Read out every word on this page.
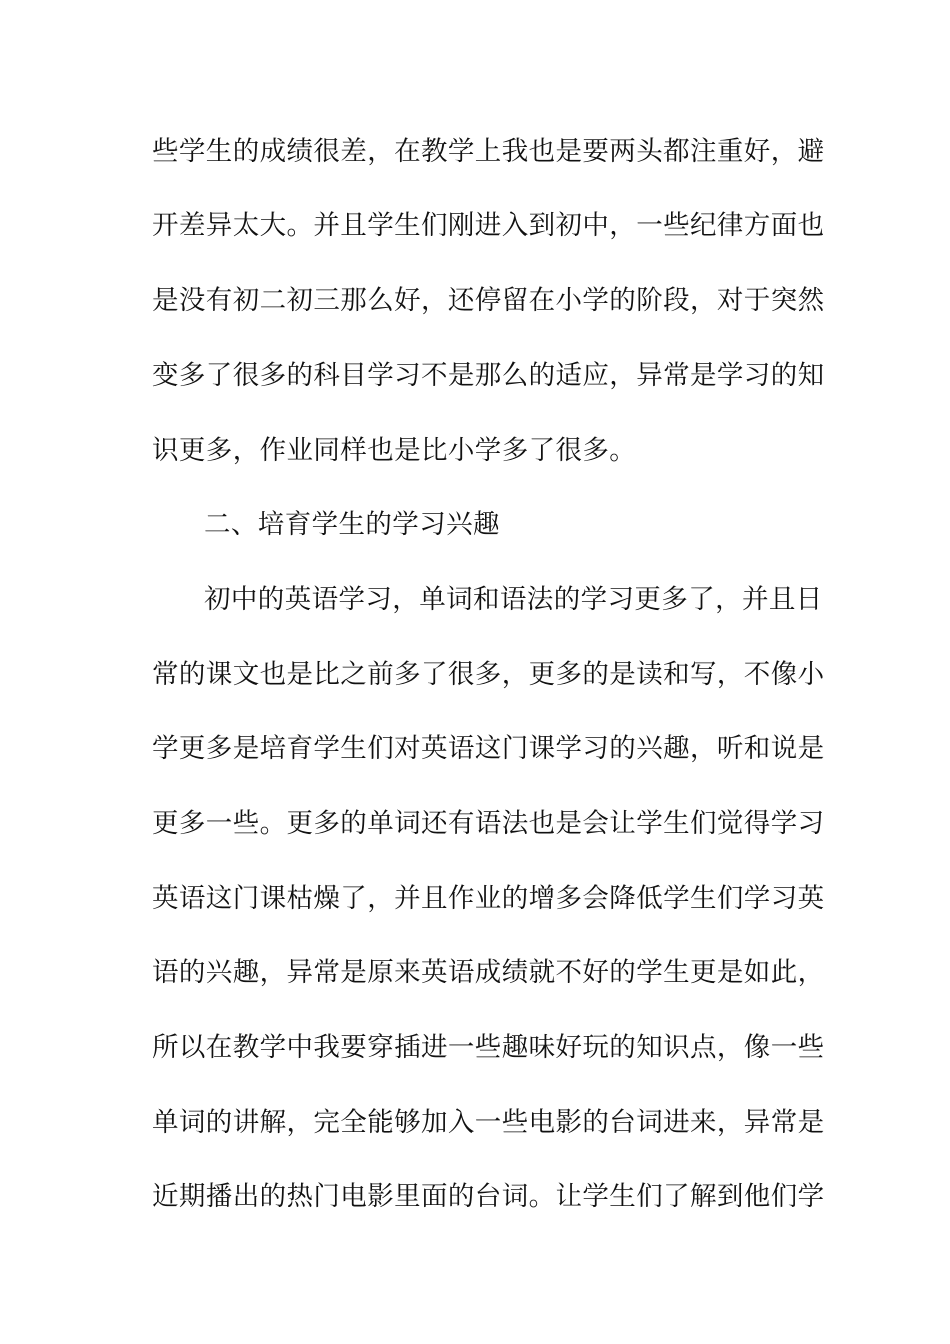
些学生的成绩很差，在教学上我也是要两头都注重好，避
开差异太大。并且学生们刚进入到初中，一些纪律方面也
是没有初二初三那么好，还停留在小学的阶段，对于突然
变多了很多的科目学习不是那么的适应，异常是学习的知
识更多，作业同样也是比小学多了很多。
二、培育学生的学习兴趣
初中的英语学习，单词和语法的学习更多了，并且日
常的课文也是比之前多了很多，更多的是读和写，不像小
学更多是培育学生们对英语这门课学习的兴趣，听和说是
更多一些。更多的单词还有语法也是会让学生们觉得学习
英语这门课枯燥了，并且作业的增多会降低学生们学习英
语的兴趣，异常是原来英语成绩就不好的学生更是如此，
所以在教学中我要穿插进一些趣味好玩的知识点，像一些
单词的讲解，完全能够加入一些电影的台词进来，异常是
近期播出的热门电影里面的台词。让学生们了解到他们学
